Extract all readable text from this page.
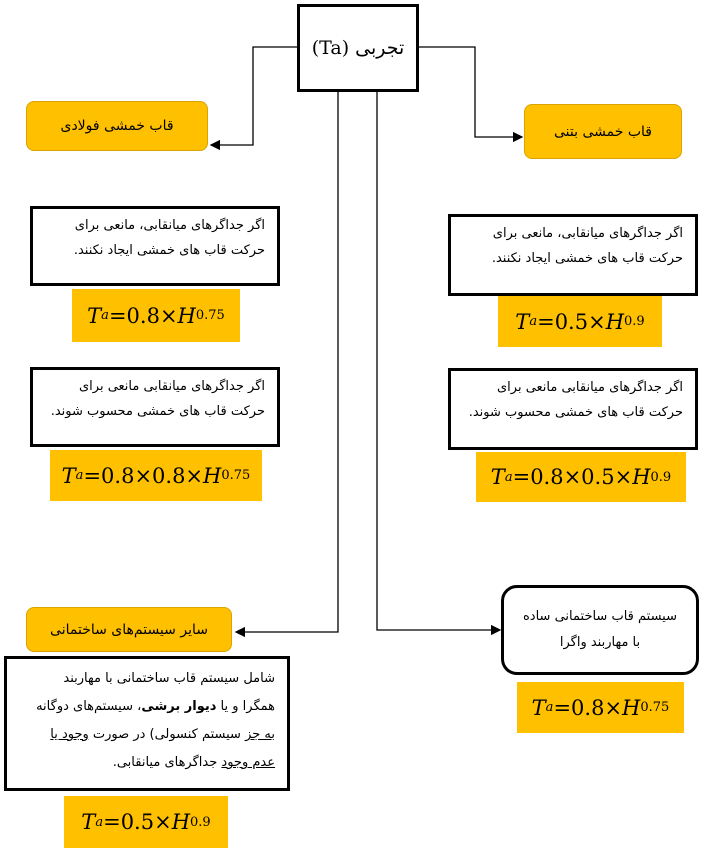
تجربی
(Ta)
قاب خمشی فولادی
اگر جداگرهای میانقابی، مانعی برای
حرکت قاب های خمشی ایجاد نکنند.
T a = 0.8× H 0.75
اگر جداگرهای میانقابی مانعی برای
حرکت قاب های خمشی محسوب شوند.
T a = 0.8×0.8× H 0.75
قاب خمشی بتنی
اگر جداگرهای میانقابی، مانعی برای
حرکت قاب های خمشی ایجاد نکنند.
T a = 0.5× H 0.9
اگر جداگرهای میانقابی مانعی برای
حرکت قاب های خمشی محسوب شوند.
T a = 0.8×0.5× H 0.9
سایر سیستم‌های ساختمانی
شامل سیستم قاب ساختمانی با مهاربند
همگرا و یا دیوار برشی، سیستم‌های دوگانه
به جز سیستم کنسولی) در صورت وجود یا
عدم وجود جداگرهای میانقابی.
T a = 0.5× H 0.9
سیستم قاب ساختمانی ساده
با مهاربند واگرا
T a = 0.8× H 0.75
